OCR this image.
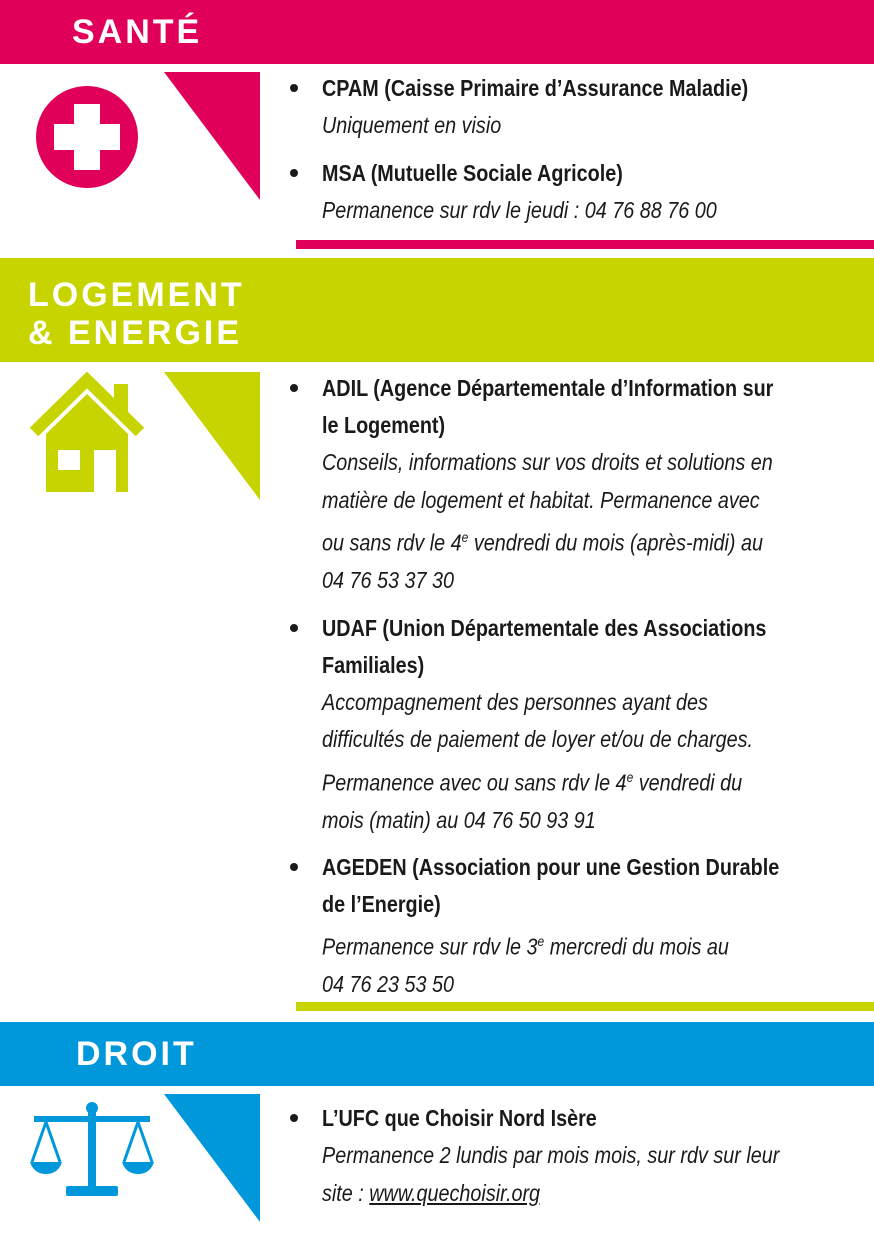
SANTÉ
CPAM (Caisse Primaire d’Assurance Maladie)
Uniquement en visio
MSA (Mutuelle Sociale Agricole)
Permanence sur rdv le jeudi : 04 76 88 76 00
LOGEMENT
& ENERGIE
ADIL (Agence Départementale d’Information sur
le Logement)
Conseils, informations sur vos droits et solutions en
matière de logement et habitat. Permanence avec
ou sans rdv le 4e vendredi du mois (après-midi) au
04 76 53 37 30
UDAF (Union Départementale des Associations
Familiales)
Accompagnement des personnes ayant des
difficultés de paiement de loyer et/ou de charges.
Permanence avec ou sans rdv le 4e vendredi du
mois (matin) au 04 76 50 93 91
AGEDEN (Association pour une Gestion Durable
de l’Energie)
Permanence sur rdv le 3e mercredi du mois au
04 76 23 53 50
DROIT
L’UFC que Choisir Nord Isère
Permanence 2 lundis par mois mois, sur rdv sur leur
site : www.quechoisir.org
